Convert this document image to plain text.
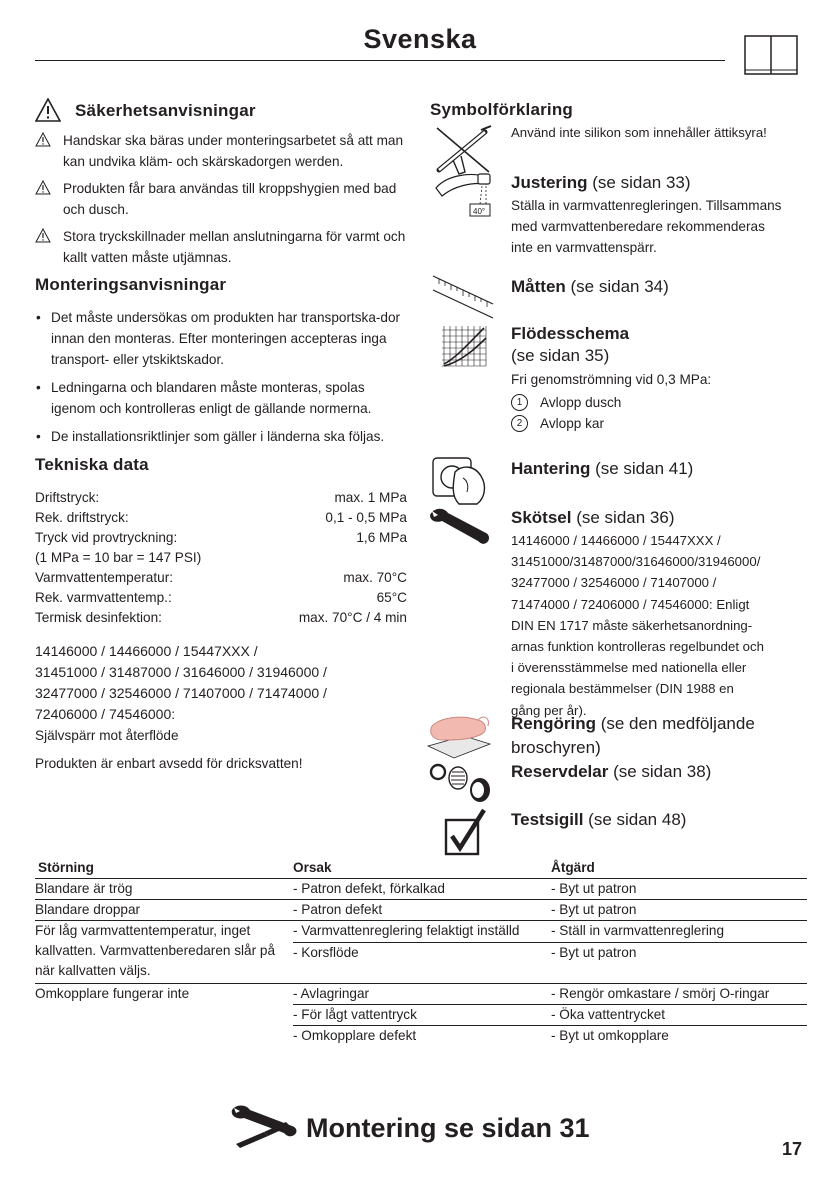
Svenska
Säkerhetsanvisningar
Handskar ska bäras under monteringsarbetet så att man kan undvika kläm- och skärskadorgen werden.
Produkten får bara användas till kroppshygien med bad och dusch.
Stora tryckskillnader mellan anslutningarna för varmt och kallt vatten måste utjämnas.
Monteringsanvisningar
• Det måste undersökas om produkten har transportska-dor innan den monteras. Efter monteringen accepteras inga transport- eller ytskiktskador.
• Ledningarna och blandaren måste monteras, spolas igenom och kontrolleras enligt de gällande normerna.
• De installationsriktlinjer som gäller i länderna ska följas.
Tekniska data
Driftstryck:	max. 1 MPa
Rek. driftstryck:	0,1 - 0,5 MPa
Tryck vid provtryckning:	1,6 MPa
(1 MPa = 10 bar = 147 PSI)
Varmvattentemperatur:	max. 70°C
Rek. varmvattentemp.:	65°C
Termisk desinfektion:	max. 70°C / 4 min
14146000 / 14466000 / 15447XXX /
31451000 / 31487000 / 31646000 / 31946000 /
32477000 / 32546000 / 71407000 / 71474000 /
72406000 / 74546000:
Självspärr mot återflöde
Produkten är enbart avsedd för dricksvatten!
Symbolförklaring
Använd inte silikon som innehåller ättiksyra!
40°
Justering (se sidan 33)
Ställa in varmvattenregleringen. Tillsammans
med varmvattenberedare rekommenderas
inte en varmvattenspärr.
Måtten (se sidan 34)
Flödesschema
(se sidan 35)
Fri genomströmning vid 0,3 MPa:
1	Avlopp dusch
2	Avlopp kar
Hantering (se sidan 41)
Skötsel (se sidan 36)
14146000 / 14466000 / 15447XXX /
31451000/31487000/31646000/31946000/
32477000 / 32546000 / 71407000 /
71474000 / 72406000 / 74546000: Enligt
DIN EN 1717 måste säkerhetsanordning-
arnas funktion kontrolleras regelbundet och
i överensstämmelse med nationella eller
regionala bestämmelser (DIN 1988 en
gång per år).
Rengöring (se den medföljande
broschyren)
Reservdelar (se sidan 38)
Testsigill (se sidan 48)
Störning	Orsak	Åtgärd
Blandare är trög	- Patron defekt, förkalkad	- Byt ut patron
Blandare droppar	- Patron defekt	- Byt ut patron
För låg varmvattentemperatur, inget kallvatten. Varmvattenberedaren slår på när kallvatten väljs.	- Varmvattenreglering felaktigt inställd	- Ställ in varmvattenreglering
	- Korsflöde	- Byt ut patron
Omkopplare fungerar inte	- Avlagringar	- Rengör omkastare / smörj O-ringar
	- För lågt vattentryck	- Öka vattentrycket
	- Omkopplare defekt	- Byt ut omkopplare
Montering se sidan 31
17
